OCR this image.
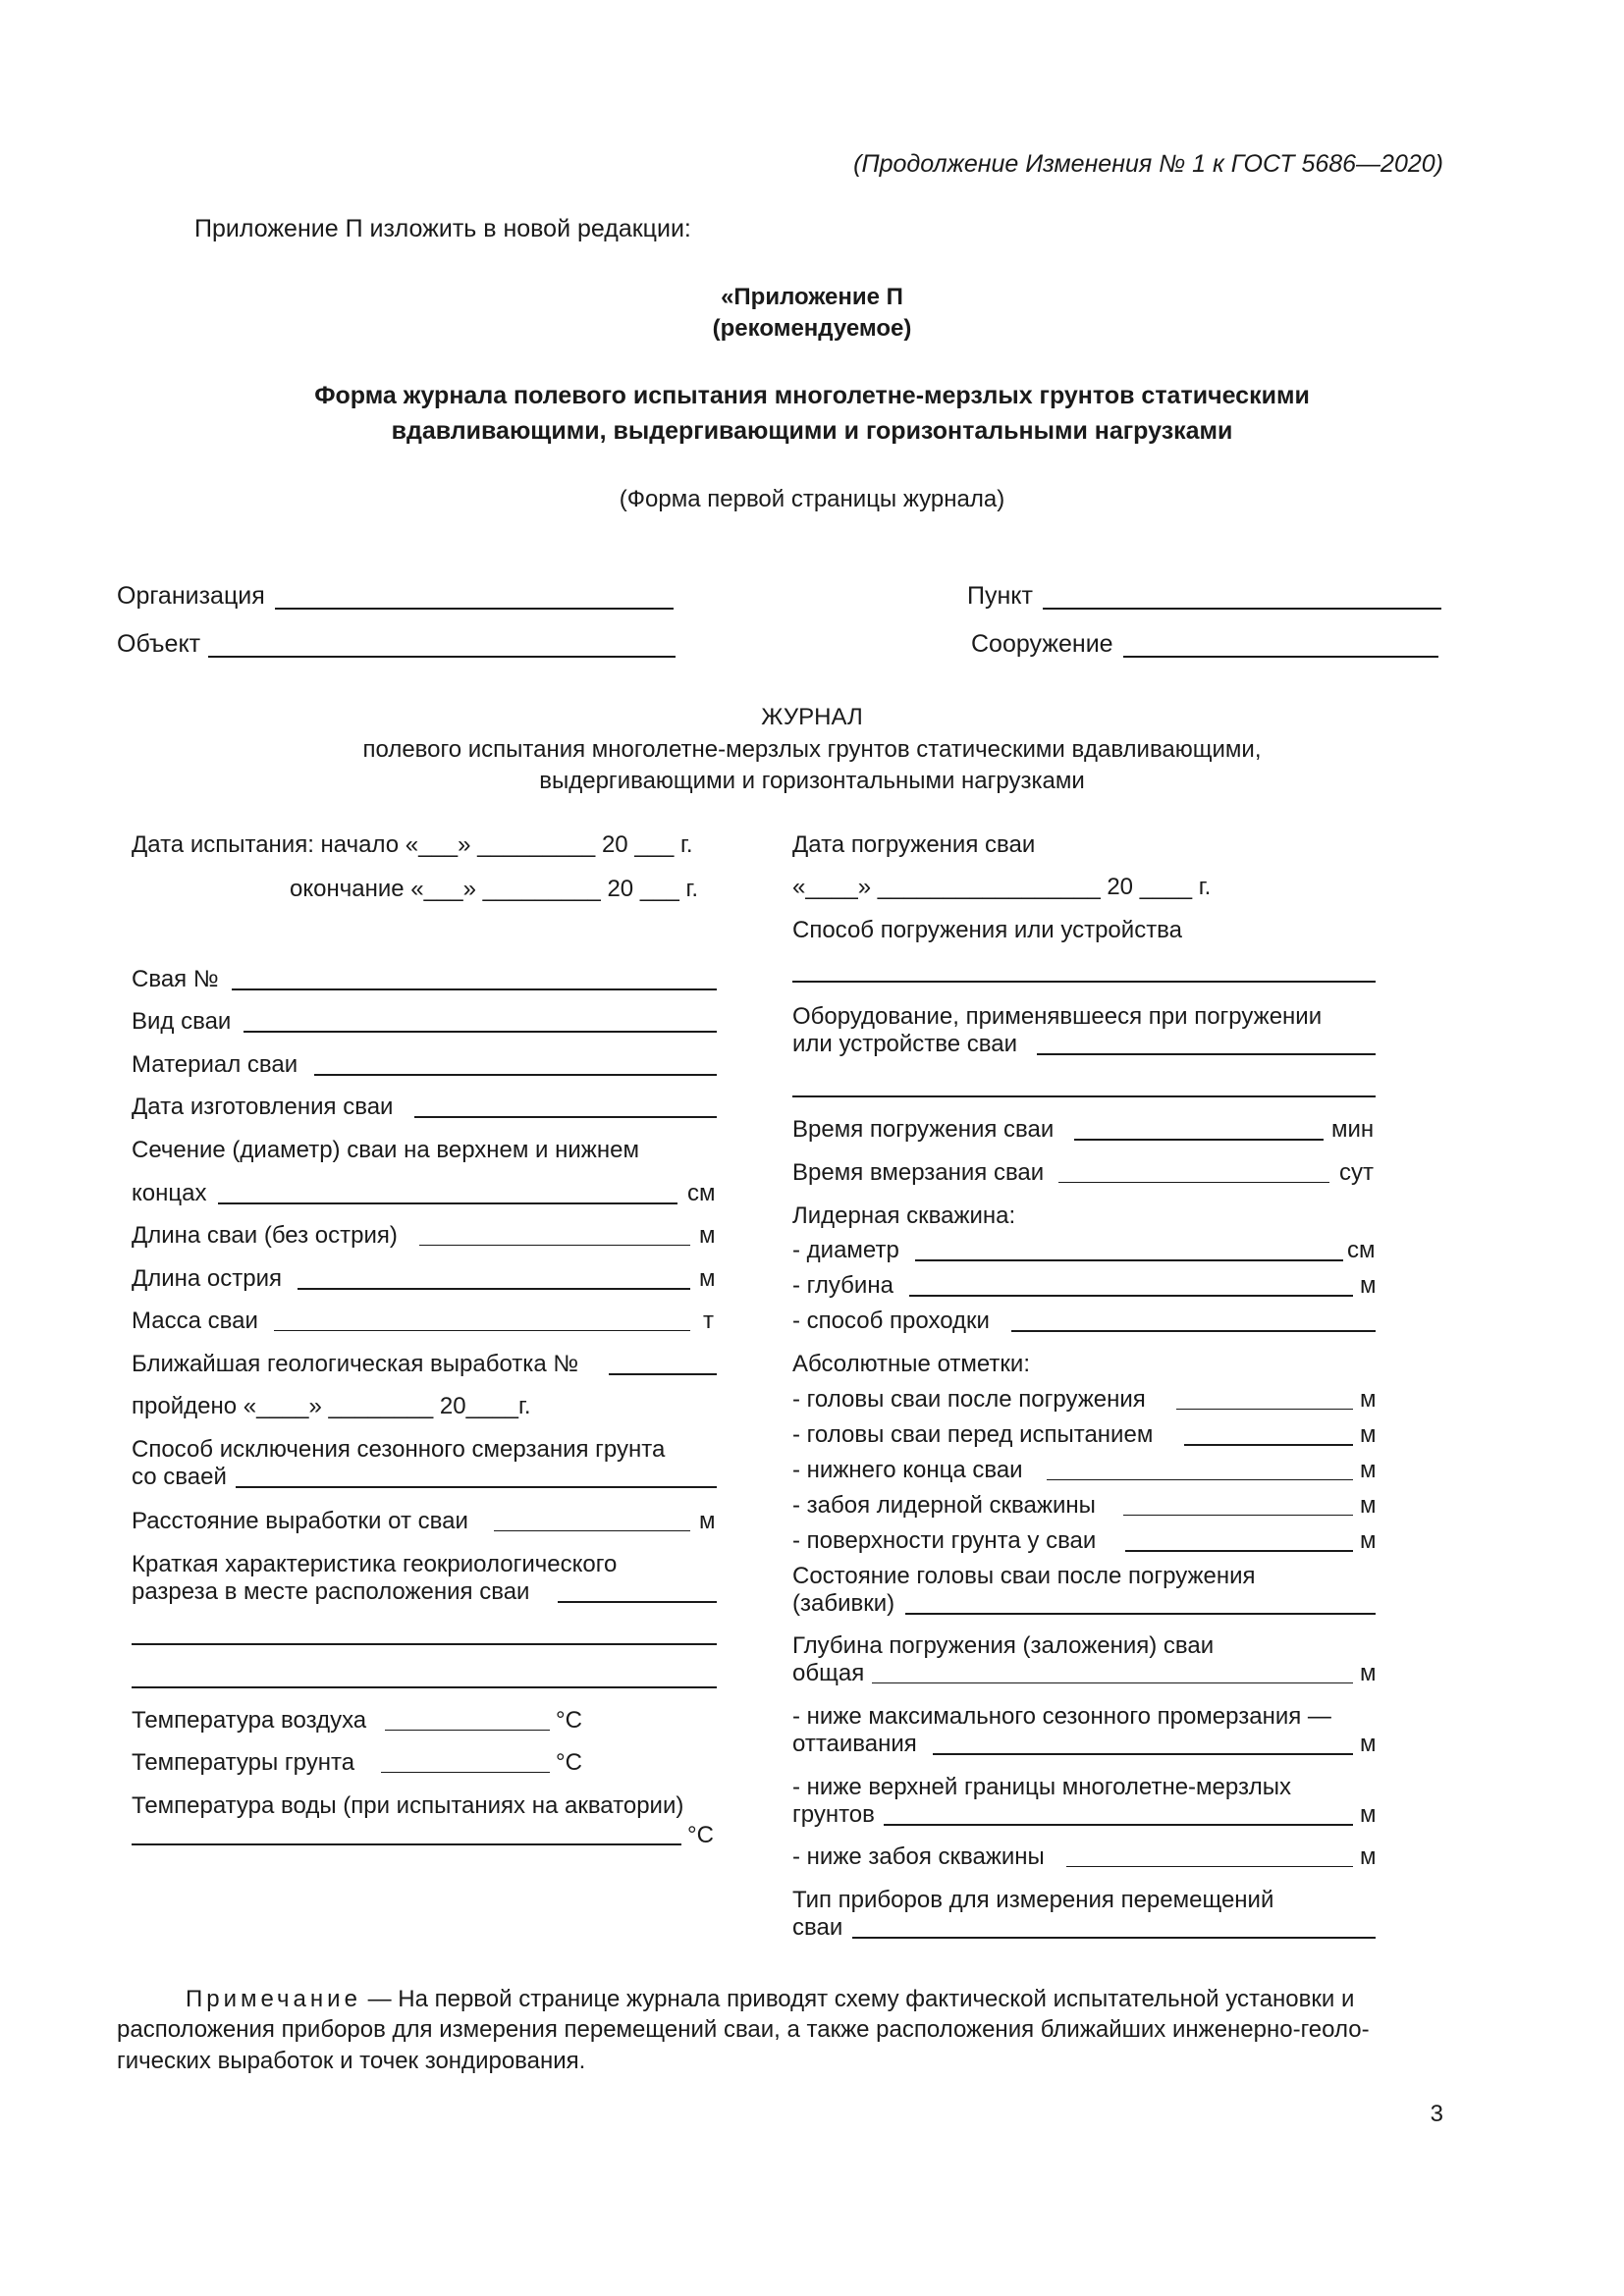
(Продолжение Изменения № 1 к ГОСТ 5686—2020)
Приложение П изложить в новой редакции:
«Приложение П
(рекомендуемое)
Форма журнала полевого испытания многолетне-мерзлых грунтов статическими
вдавливающими, выдергивающими и горизонтальными нагрузками
(Форма первой страницы журнала)
Организация	Пункт
Объект	Сооружение
ЖУРНАЛ
полевого испытания многолетне-мерзлых грунтов статическими вдавливающими,
выдергивающими и горизонтальными нагрузками
Дата испытания: начало «___» _________ 20 ___ г.
окончание «___» _________ 20 ___ г.
Свая №
Вид сваи
Материал сваи
Дата изготовления сваи
Сечение (диаметр) сваи на верхнем и нижнем
концах	см
Длина сваи (без острия)	м
Длина острия	м
Масса сваи	т
Ближайшая геологическая выработка №
пройдено «____» ________ 20____г.
Способ исключения сезонного смерзания грунта
со сваей
Расстояние выработки от сваи	м
Краткая характеристика геокриологического
разреза в месте расположения сваи
Температура воздуха	°С
Температуры грунта	°С
Температура воды (при испытаниях на акватории)
°С
Дата погружения сваи
«____» _________________ 20 ____ г.
Способ погружения или устройства
Оборудование, применявшееся при погружении
или устройстве сваи
Время погружения сваи	мин
Время вмерзания сваи	сут
Лидерная скважина:
- диаметр	см
- глубина	м
- способ проходки
Абсолютные отметки:
- головы сваи после погружения	м
- головы сваи перед испытанием	м
- нижнего конца сваи	м
- забоя лидерной скважины	м
- поверхности грунта у сваи	м
Состояние головы сваи после погружения
(забивки)
Глубина погружения (заложения) сваи
общая	м
- ниже максимального сезонного промерзания —
оттаивания	м
- ниже верхней границы многолетне-мерзлых
грунтов	м
- ниже забоя скважины	м
Тип приборов для измерения перемещений
сваи
Примечание — На первой странице журнала приводят схему фактической испытательной установки и
расположения приборов для измерения перемещений сваи, а также расположения ближайших инженерно-геоло-
гических выработок и точек зондирования.
3
